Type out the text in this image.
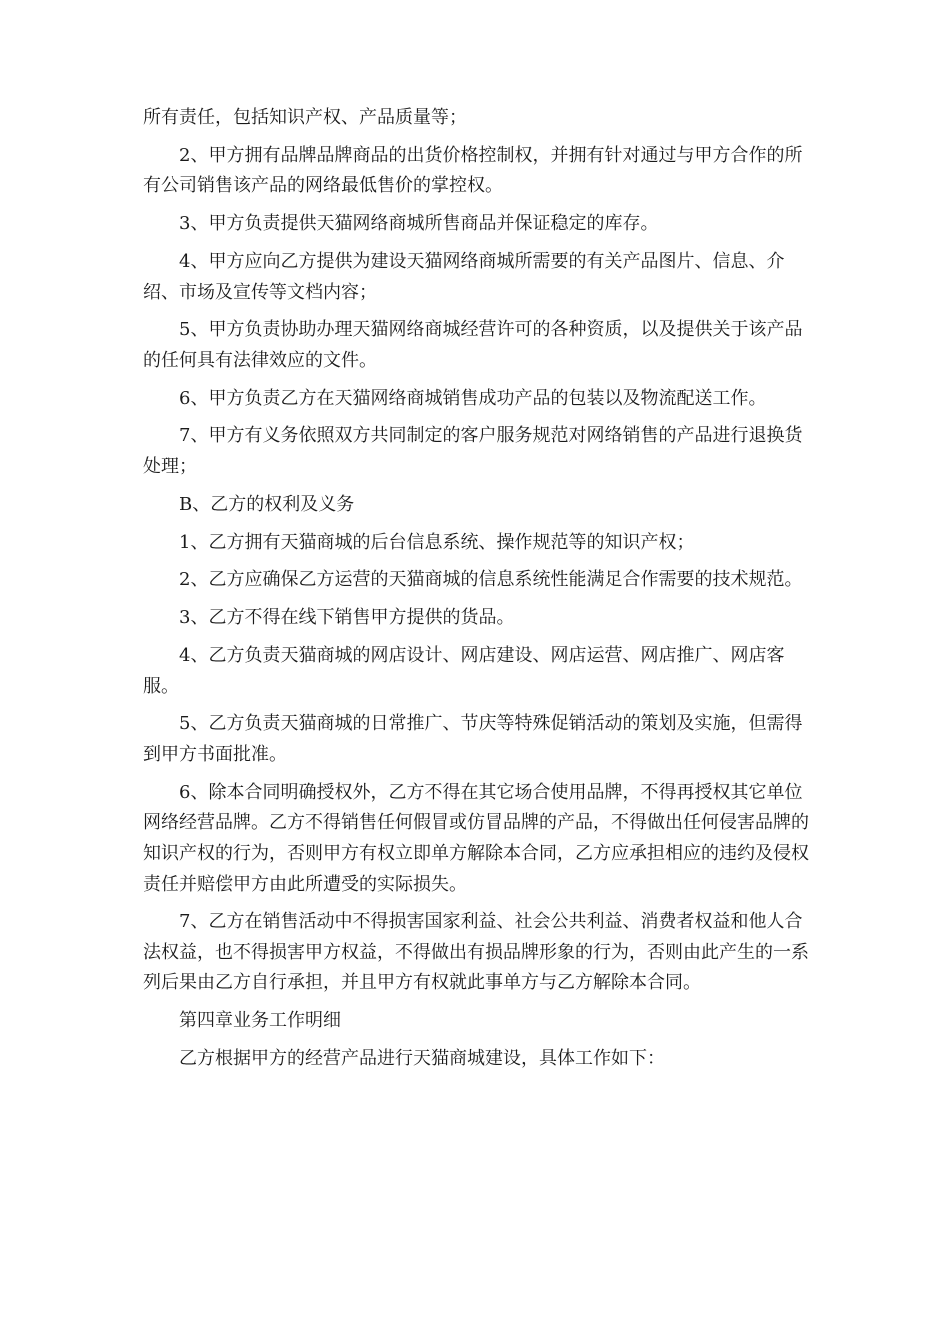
所有责任，包括知识产权、产品质量等；

2、甲方拥有品牌品牌商品的出货价格控制权，并拥有针对通过与甲方合作的所有公司销售该产品的网络最低售价的掌控权。

3、甲方负责提供天猫网络商城所售商品并保证稳定的库存。

4、甲方应向乙方提供为建设天猫网络商城所需要的有关产品图片、信息、介绍、市场及宣传等文档内容；

5、甲方负责协助办理天猫网络商城经营许可的各种资质，以及提供关于该产品的任何具有法律效应的文件。

6、甲方负责乙方在天猫网络商城销售成功产品的包装以及物流配送工作。

7、甲方有义务依照双方共同制定的客户服务规范对网络销售的产品进行退换货处理；

B、乙方的权利及义务

1、乙方拥有天猫商城的后台信息系统、操作规范等的知识产权；

2、乙方应确保乙方运营的天猫商城的信息系统性能满足合作需要的技术规范。

3、乙方不得在线下销售甲方提供的货品。

4、乙方负责天猫商城的网店设计、网店建设、网店运营、网店推广、网店客服。

5、乙方负责天猫商城的日常推广、节庆等特殊促销活动的策划及实施，但需得到甲方书面批准。

6、除本合同明确授权外，乙方不得在其它场合使用品牌，不得再授权其它单位网络经营品牌。乙方不得销售任何假冒或仿冒品牌的产品，不得做出任何侵害品牌的知识产权的行为，否则甲方有权立即单方解除本合同，乙方应承担相应的违约及侵权责任并赔偿甲方由此所遭受的实际损失。

7、乙方在销售活动中不得损害国家利益、社会公共利益、消费者权益和他人合法权益，也不得损害甲方权益，不得做出有损品牌形象的行为，否则由此产生的一系列后果由乙方自行承担，并且甲方有权就此事单方与乙方解除本合同。

第四章业务工作明细

乙方根据甲方的经营产品进行天猫商城建设，具体工作如下：
